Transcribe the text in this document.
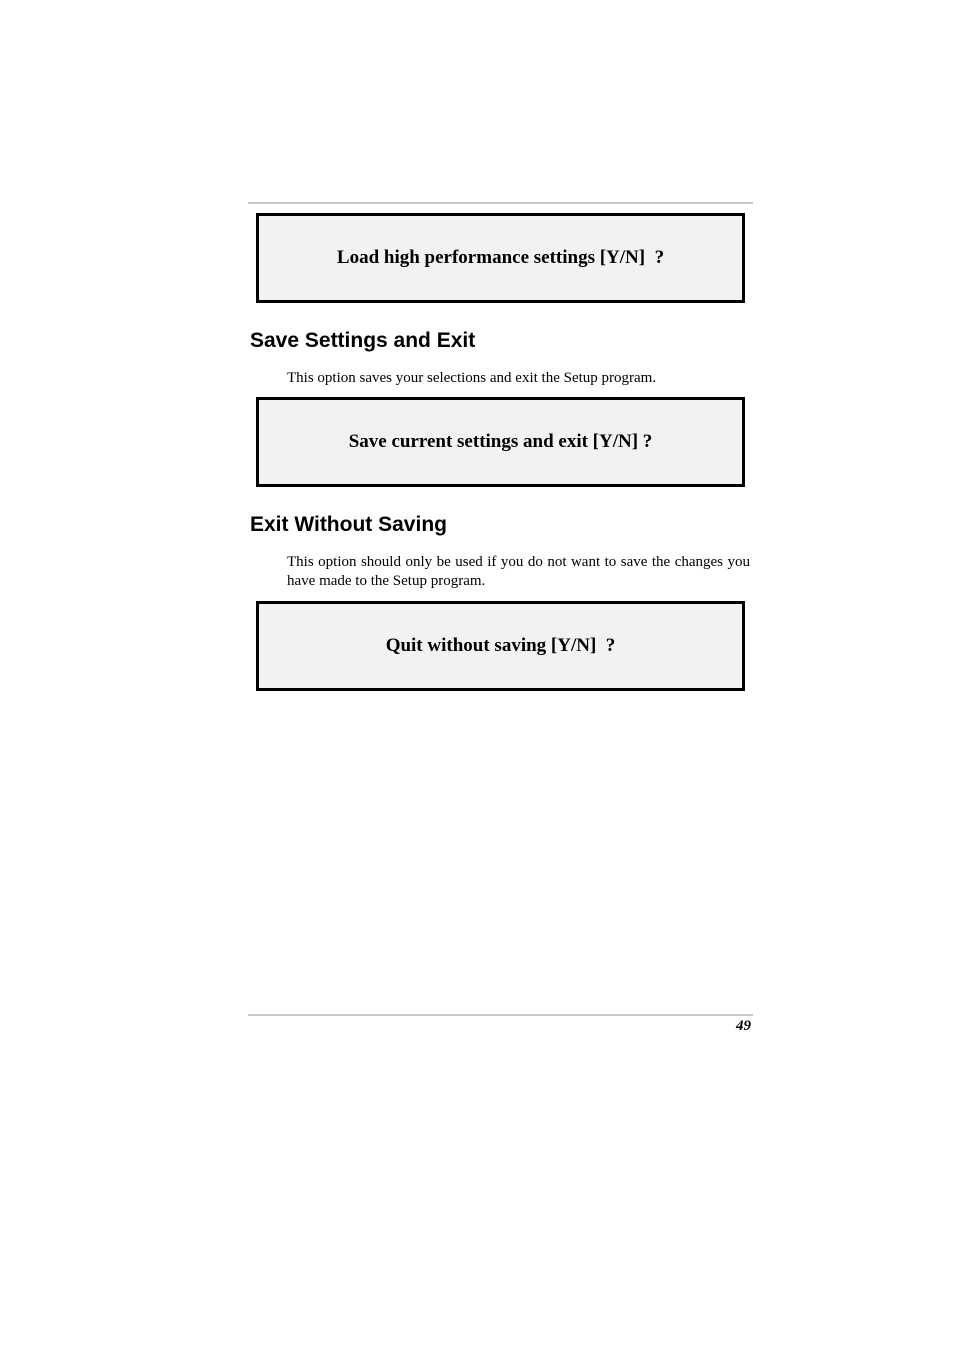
Load high performance settings [Y/N]  ?
Save Settings and Exit

This option saves your selections and exit the Setup program.

Save current settings and exit [Y/N] ?
Exit Without Saving

This option should only be used if you do not want to save the changes you have made to the Setup program.

Quit without saving [Y/N]  ?
49
